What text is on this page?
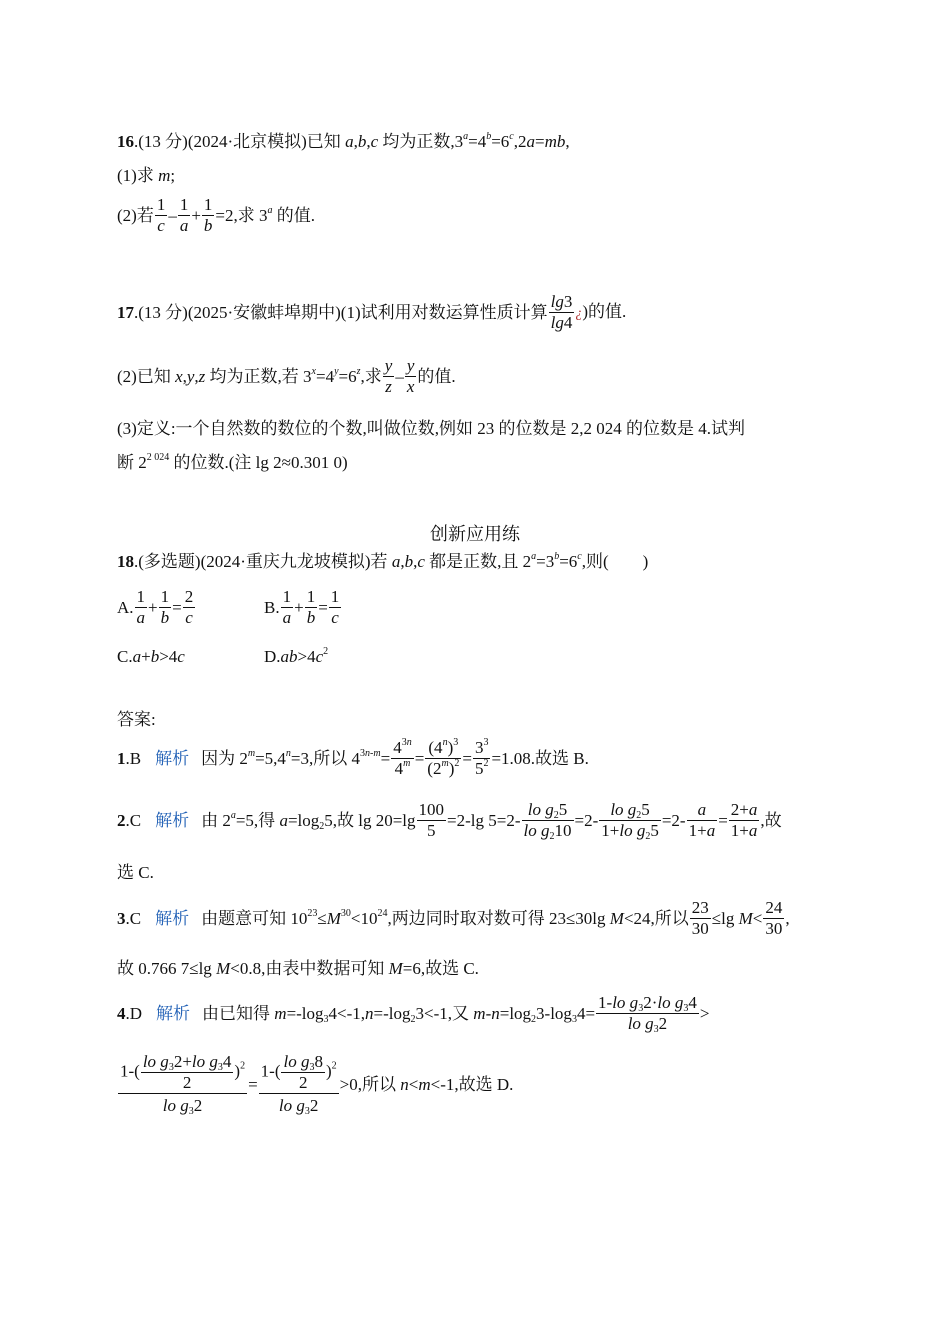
16.(13 分)(2024·北京模拟)已知 a,b,c 均为正数$,3^a=4^b=6^c,2a=mb$,
(1)求 m;
(2)若 $\frac{1}{c} - \frac{1}{a} + \frac{1}{b} =2$,求 3$^a$ 的值.
17.(13 分)(2025·安徽蚌埠期中)(1)试利用对数运算性质计算 $\frac{\lg 3}{\lg 4}$ ¿)的值.
(2)已知 x,y,z 均为正数,若 $3^x=4^y=6^z$,求 $\frac{y}{z} - \frac{y}{x}$ 的值.
(3)定义:一个自然数的数位的个数,叫做位数,例如 23 的位数是 2,2 024 的位数是 4.试判
断 $2^{2 024}$ 的位数.(注 lg 2≈0.301 0)
创新应用练
18.(多选题)(2024·重庆九龙坡模拟)若 a,b,c 都是正数,且 $2^a=3^b=6^c$,则(        )
A. $\frac{1}{a} + \frac{1}{b} = \frac{2}{c}$	B. $\frac{1}{a} + \frac{1}{b} = \frac{1}{c}$
C.a+b>4c	$D.ab>4c^2$
答案:
1.B 解析 因为 $2^m=5,4^n=3$,所以 $4^{3n-m}= \frac{4^{3n}}{4^m} = \frac{(4^n)^3}{(2^m)^2} = \frac{3^3}{5^2} =1.08$.故选 B.
2.C 解析 由 $2^a=5$,得 $a=\log_25$,故 $\lg 20=\lg \frac{100}{5} =2-\lg$ $5=2- \frac{lo g_25}{lo g_210} =2- \frac{lo g_25}{1+lo g_25} =2- \frac{a}{1+a} = \frac{2+a}{1+a}$ ,故
选 C.
3.C 解析 由题意可知 $10^{23}\le M^{30}<10^{24}$,两边同时取对数可得 23≤30lg M<24,所以 $\frac{23}{30} \le\lg$ $M< \frac{24}{30}$ ,
故 0.766 7≤lg M<0.8,由表中数据可知 M=6,故选 C.
4.D 解析 由已知得 $m=-\log_34<-1,n=-\log_23<-1$,又 $m-n=\log_23-\log_34= \frac{1-lo g_32\cdot lo g_34}{lo g_32}$ >
$\frac{1-( \frac{lo g_32+lo g_34}{2} )^2}{lo g_32} = \frac{1-( \frac{lo g_38}{2} )^2}{lo g_32} >0$,所以 n<m<-1,故选 D.
